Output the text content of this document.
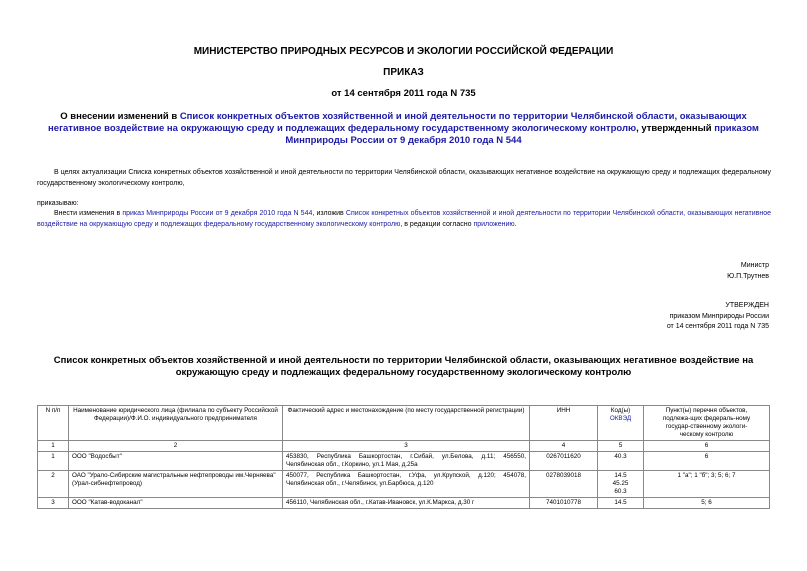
МИНИСТЕРСТВО ПРИРОДНЫХ РЕСУРСОВ И ЭКОЛОГИИ РОССИЙСКОЙ ФЕДЕРАЦИИ
ПРИКАЗ
от 14 сентября 2011 года N 735
О внесении изменений в Список конкретных объектов хозяйственной и иной деятельности по территории Челябинской области, оказывающих негативное воздействие на окружающую среду и подлежащих федеральному государственному экологическому контролю, утвержденный приказом Минприроды России от 9 декабря 2010 года N 544
В целях актуализации Списка конкретных объектов хозяйственной и иной деятельности по территории Челябинской области, оказывающих негативное воздействие на окружающую среду и подлежащих федеральному государственному экологическому контролю,
приказываю:
Внести изменения в приказ Минприроды России от 9 декабря 2010 года N 544, изложив Список конкретных объектов хозяйственной и иной деятельности по территории Челябинской области, оказывающих негативное воздействие на окружающую среду и подлежащих федеральному государственному экологическому контролю, в редакции согласно приложению.
Министр
Ю.П.Трутнев
УТВЕРЖДЕН
приказом Минприроды России
от 14 сентября 2011 года N 735
Список конкретных объектов хозяйственной и иной деятельности по территории Челябинской области, оказывающих негативное воздействие на окружающую среду и подлежащих федеральному государственному экологическому контролю
N п/п	Наименование юридического лица (филиала по субъекту Российской Федерации)/Ф.И.О. индивидуального предпринимателя	Фактический адрес и местонахождение (по месту государственной регистрации)	ИНН	Код(ы) ОКВЭД	Пункт(ы) перечня объектов, подлежа-щих федераль-ному государ-ственному экологи-ческому контролю
1	2	3	4	5	6
1	ООО "Водосбыт"	453830, Республика Башкортостан, г.Сибай, ул.Белова, д.11; 456550, Челябинская обл., г.Коркино, ул.1 Мая, д.25а	0267011620	40.3	6
2	ОАО "Урало-Сибирские магистральные нефтепроводы им.Черняева" (Урал-сибнефтепровод)	450077, Республика Башкортостан, г.Уфа, ул.Крупской, д.120; 454078, Челябинская обл., г.Челябинск, ул.Барбюса, д.120	0278039018	14.5
45.25
60.3	1 "а"; 1 "б"; 3; 5; 6; 7
3	ООО "Катав-водоканал"	456110, Челябинская обл., г.Катав-Ивановск, ул.К.Маркса, д.30 г	7401010778	14.5	5; 6
